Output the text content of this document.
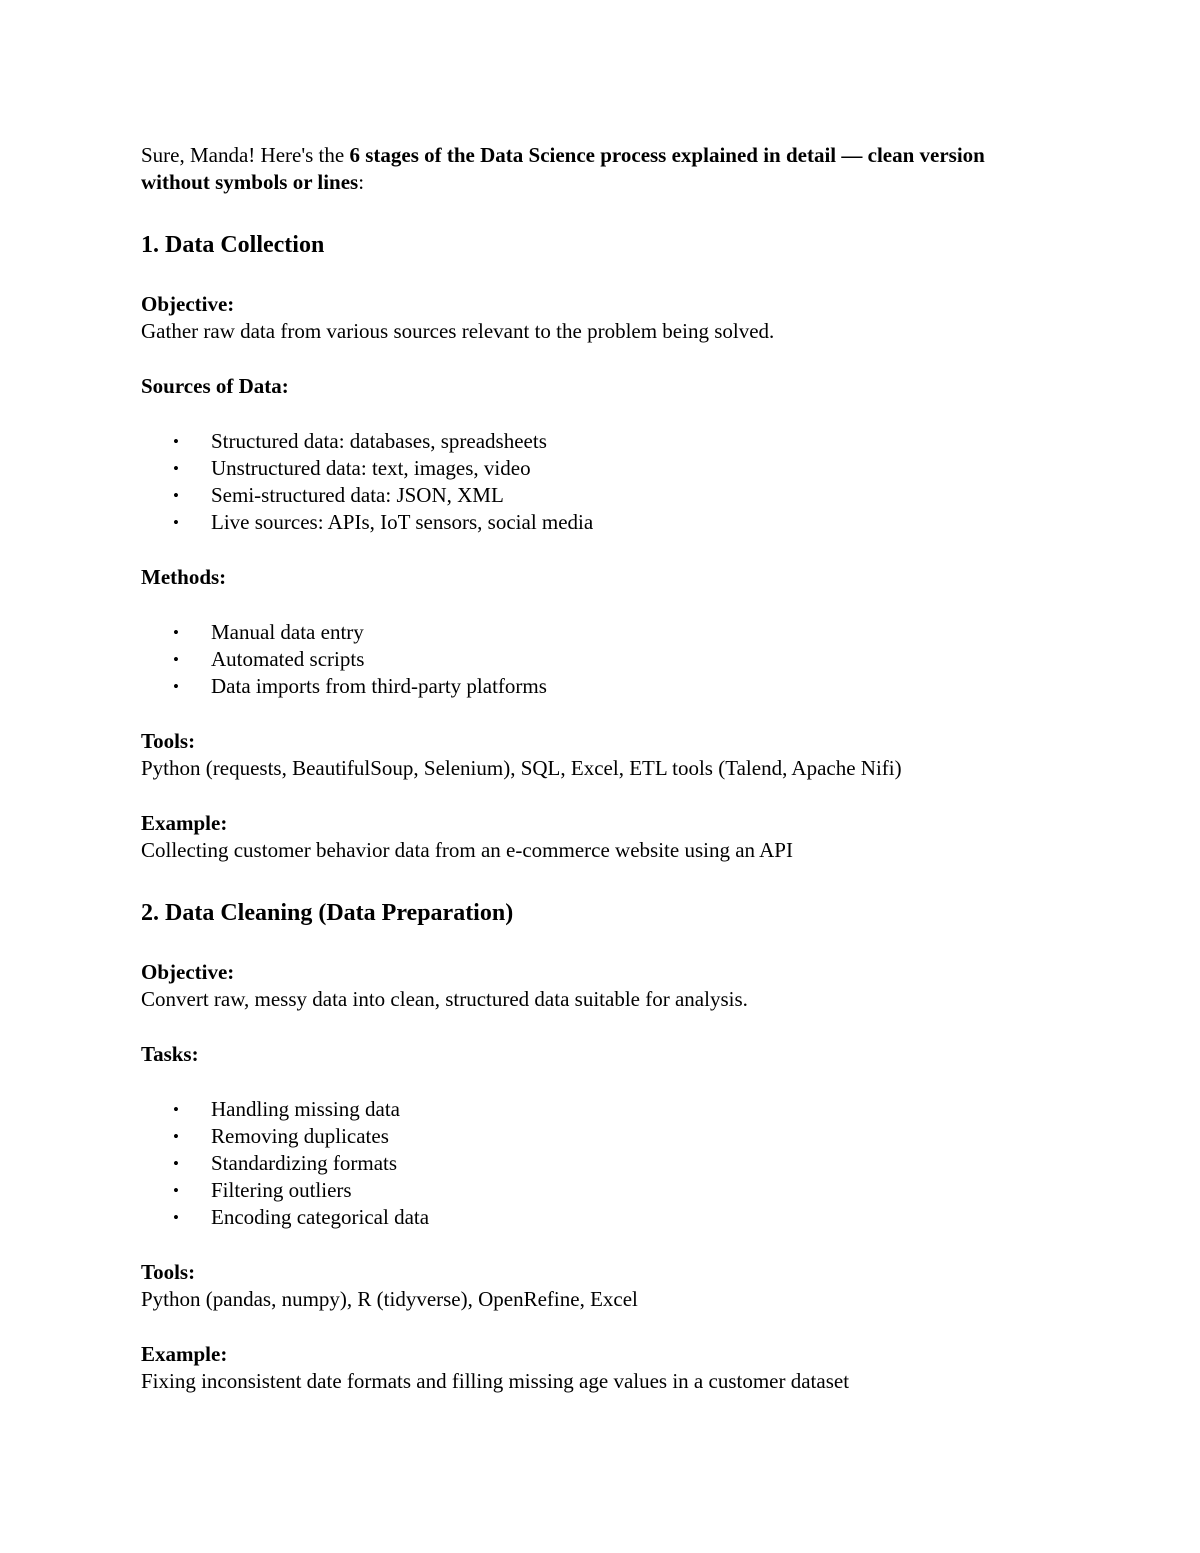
Sure, Manda! Here's the 6 stages of the Data Science process explained in detail — clean version without symbols or lines:

1. Data Collection

Objective:

Gather raw data from various sources relevant to the problem being solved.

Sources of Data:

• Structured data: databases, spreadsheets
• Unstructured data: text, images, video
• Semi-structured data: JSON, XML
• Live sources: APIs, IoT sensors, social media

Methods:

• Manual data entry
• Automated scripts
• Data imports from third-party platforms

Tools:

Python (requests, BeautifulSoup, Selenium), SQL, Excel, ETL tools (Talend, Apache Nifi)

Example:

Collecting customer behavior data from an e-commerce website using an API

2. Data Cleaning (Data Preparation)

Objective:

Convert raw, messy data into clean, structured data suitable for analysis.

Tasks:

• Handling missing data
• Removing duplicates
• Standardizing formats
• Filtering outliers
• Encoding categorical data

Tools:

Python (pandas, numpy), R (tidyverse), OpenRefine, Excel

Example:

Fixing inconsistent date formats and filling missing age values in a customer dataset
